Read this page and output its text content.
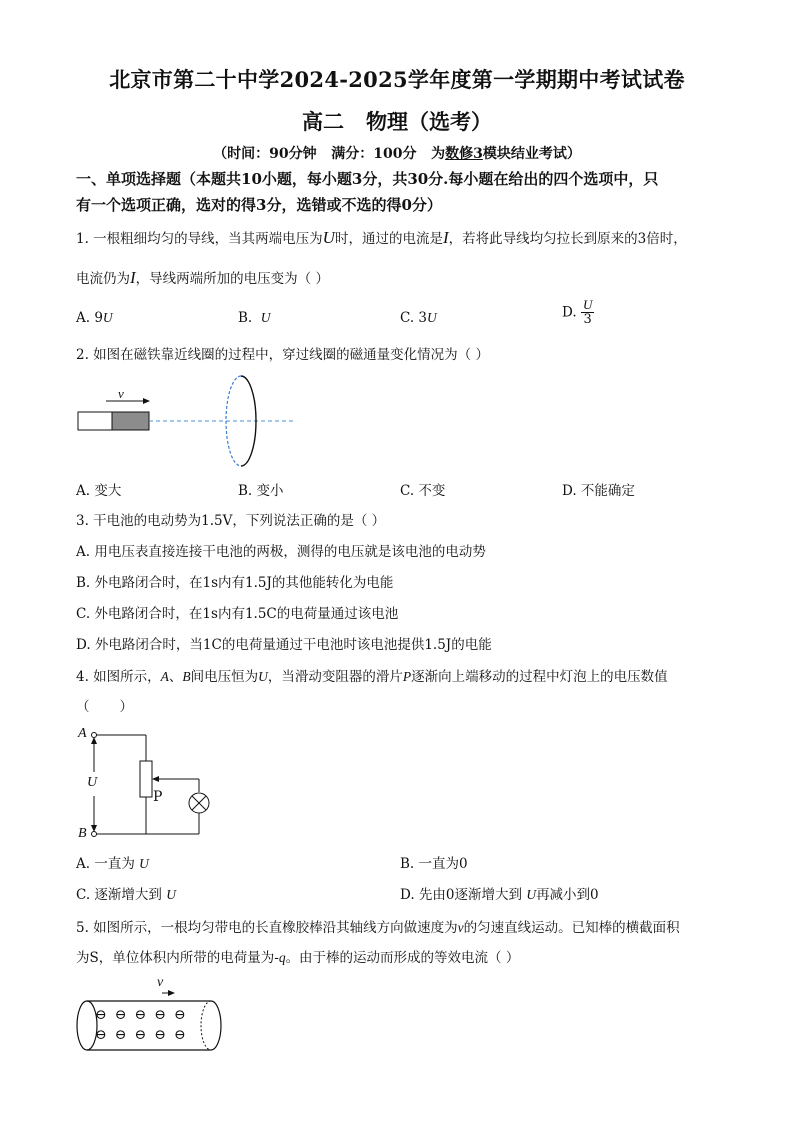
北京市第二十中学2024-2025学年度第一学期期中考试试卷
高二   物理（选考）
（时间：90分钟   满分：100分   为数修3模块结业考试）
一、单项选择题（本题共10小题，每小题3分，共30分.每小题在给出的四个选项中，只
有一个选项正确，选对的得3分，选错或不选的得0分）
1. 一根粗细均匀的导线，当其两端电压为U时，通过的电流是I，若将此导线均匀拉长到原来的3倍时，
电流仍为I，导线两端所加的电压变为（ ）
A. 9U	B.  U	C. 3U	D. $\frac{U}{3}$
2. 如图在磁铁靠近线圈的过程中，穿过线圈的磁通量变化情况为（ ）
v
A. 变大	B. 变小	C. 不变	D. 不能确定
3. 干电池的电动势为1.5V，下列说法正确的是（ ）
A. 用电压表直接连接干电池的两极，测得的电压就是该电池的电动势
B. 外电路闭合时，在1s内有1.5J的其他能转化为电能
C. 外电路闭合时，在1s内有1.5C的电荷量通过该电池
D. 外电路闭合时，当1C的电荷量通过干电池时该电池提供1.5J的电能
4. 如图所示，A、B间电压恒为U，当滑动变阻器的滑片P逐渐向上端移动的过程中灯泡上的电压数值
（       ）
A
B
U
P
A. 一直为 U	B. 一直为0
C. 逐渐增大到 U	D. 先由0逐渐增大到 U再减小到0
5. 如图所示，一根均匀带电的长直橡胶棒沿其轴线方向做速度为v的匀速直线运动。已知棒的横截面积
为S，单位体积内所带的电荷量为-q。由于棒的运动而形成的等效电流（ ）
v
⊖⊖⊖⊖⊖
⊖⊖⊖⊖⊖
